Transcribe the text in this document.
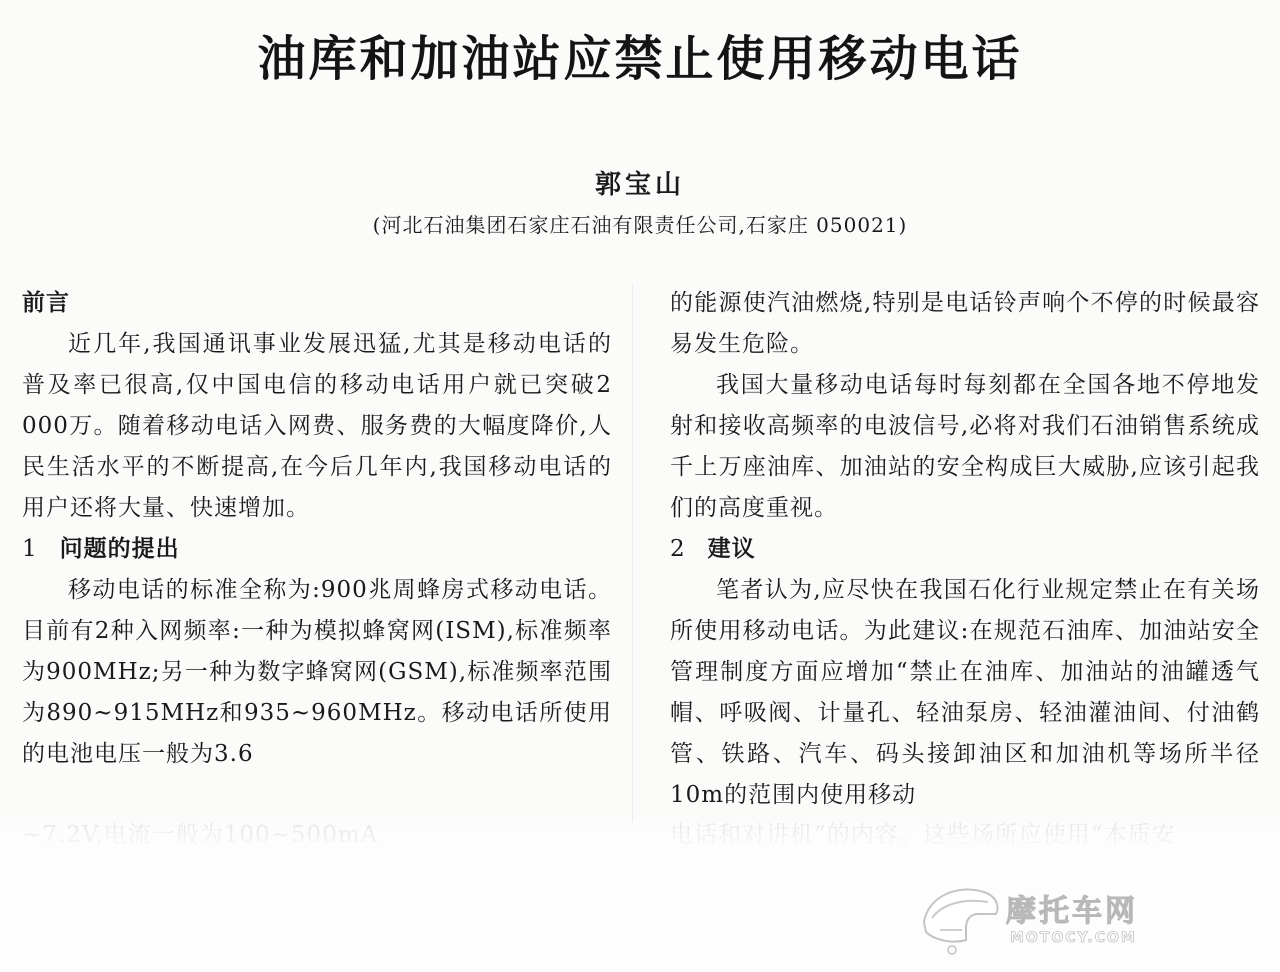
油库和加油站应禁止使用移动电话
郭宝山
(河北石油集团石家庄石油有限责任公司,石家庄 050021)
前言

近几年,我国通讯事业发展迅猛,尤其是移动电话的普及率已很高,仅中国电信的移动电话用户就已突破2 000万。随着移动电话入网费、服务费的大幅度降价,人民生活水平的不断提高,在今后几年内,我国移动电话的用户还将大量、快速增加。

1 问题的提出

移动电话的标准全称为:900兆周蜂房式移动电话。目前有2种入网频率:一种为模拟蜂窝网(ISM),标准频率为900MHz;另一种为数字蜂窝网(GSM),标准频率范围为890~915MHz和935~960MHz。移动电话所使用的电池电压一般为3.6

的能源使汽油燃烧,特别是电话铃声响个不停的时候最容易发生危险。

我国大量移动电话每时每刻都在全国各地不停地发射和接收高频率的电波信号,必将对我们石油销售系统成千上万座油库、加油站的安全构成巨大威胁,应该引起我们的高度重视。

2 建议

笔者认为,应尽快在我国石化行业规定禁止在有关场所使用移动电话。为此建议:在规范石油库、加油站安全管理制度方面应增加“禁止在油库、加油站的油罐透气帽、呼吸阀、计量孔、轻油泵房、轻油灌油间、付油鹤管、铁路、汽车、码头接卸油区和加油机等场所半径10m的范围内使用移动

摩托车网
MOTOCY.COM
